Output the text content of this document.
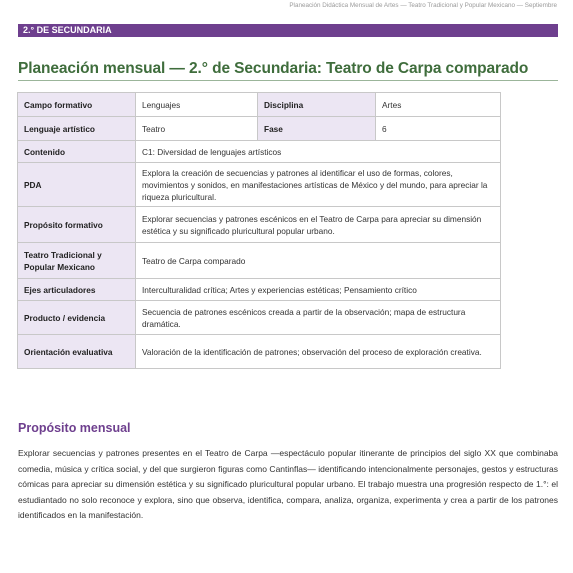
Planeación Didáctica Mensual de Artes — Teatro Tradicional y Popular Mexicano — Septiembre
2.° DE SECUNDARIA
Planeación mensual — 2.° de Secundaria: Teatro de Carpa comparado
Campo formativo	Lenguajes	Disciplina	Artes
Lenguaje artístico	Teatro	Fase	6
Contenido	C1: Diversidad de lenguajes artísticos		
PDA	Explora la creación de secuencias y patrones al identificar el uso de formas, colores, movimientos y sonidos, en manifestaciones artísticas de México y del mundo, para apreciar la riqueza pluricultural.		
Propósito formativo	Explorar secuencias y patrones escénicos en el Teatro de Carpa para apreciar su dimensión estética y su significado pluricultural popular urbano.		
Teatro Tradicional y Popular Mexicano	Teatro de Carpa comparado		
Ejes articuladores	Interculturalidad crítica; Artes y experiencias estéticas; Pensamiento crítico		
Producto / evidencia	Secuencia de patrones escénicos creada a partir de la observación; mapa de estructura dramática.		
Orientación evaluativa	Valoración de la identificación de patrones; observación del proceso de exploración creativa.		
Propósito mensual

Explorar secuencias y patrones presentes en el Teatro de Carpa —espectáculo popular itinerante de principios del siglo XX que combinaba comedia, música y crítica social, y del que surgieron figuras como Cantinflas— identificando intencionalmente personajes, gestos y estructuras cómicas para apreciar su dimensión estética y su significado pluricultural popular urbano. El trabajo muestra una progresión respecto de 1.°: el estudiantado no solo reconoce y explora, sino que observa, identifica, compara, analiza, organiza, experimenta y crea a partir de los patrones identificados en la manifestación.
